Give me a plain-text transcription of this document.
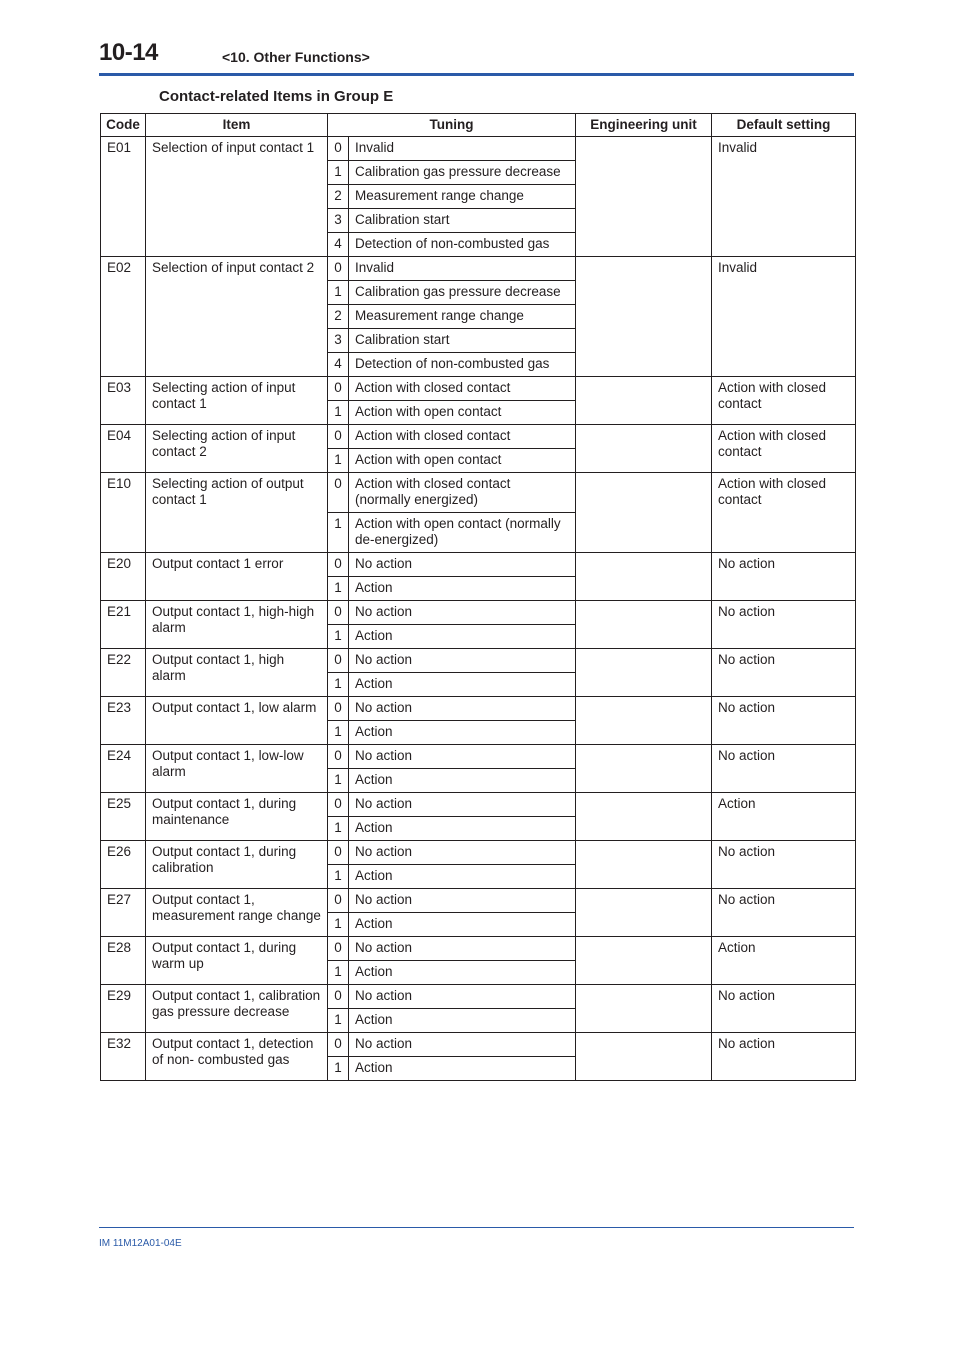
10-14	<10. Other Functions>
Contact-related Items in Group E
Code	Item	Tuning		Engineering unit	Default setting
E01	Selection of input contact 1	0	Invalid		Invalid
		1	Calibration gas pressure decrease		
		2	Measurement range change		
		3	Calibration start		
		4	Detection of non-combusted gas		
E02	Selection of input contact 2	0	Invalid		Invalid
		1	Calibration gas pressure decrease		
		2	Measurement range change		
		3	Calibration start		
		4	Detection of non-combusted gas		
E03	Selecting action of input contact 1	0	Action with closed contact		Action with closed contact
		1	Action with open contact		
E04	Selecting action of input contact 2	0	Action with closed contact		Action with closed contact
		1	Action with open contact		
E10	Selecting action of output contact 1	0	Action with closed contact (normally energized)		Action with closed contact
		1	Action with open contact (normally de-energized)		
E20	Output contact 1 error	0	No action		No action
		1	Action		
E21	Output contact 1, high-high alarm	0	No action		No action
		1	Action		
E22	Output contact 1, high alarm	0	No action		No action
		1	Action		
E23	Output contact 1, low alarm	0	No action		No action
		1	Action		
E24	Output contact 1, low-low alarm	0	No action		No action
		1	Action		
E25	Output contact 1, during maintenance	0	No action		Action
		1	Action		
E26	Output contact 1, during calibration	0	No action		No action
		1	Action		
E27	Output contact 1, measurement range change	0	No action		No action
		1	Action		
E28	Output contact 1, during warm up	0	No action		Action
		1	Action		
E29	Output contact 1, calibration gas pressure decrease	0	No action		No action
		1	Action		
E32	Output contact 1, detection of non- combusted gas	0	No action		No action
		1	Action		
IM 11M12A01-04E
